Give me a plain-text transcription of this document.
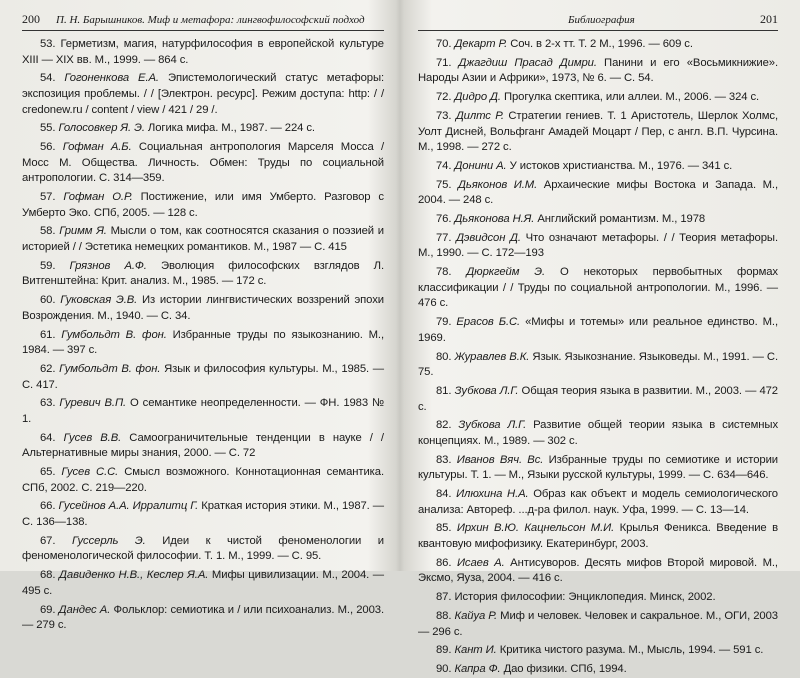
200 П. Н. Барышников. Миф и метафора: лингвофилософский подход

53. Герметизм, магия, натурфилософия в европейской культуре XIII — XIX вв. М., 1999. — 864 с.

54. Гогоненкова Е.А. Эпистемологический статус метафоры: экспозиция проблемы. / / [Электрон. ресурс]. Режим доступа: http: / / credonew.ru / content / view / 421 / 29 /.

55. Голосовкер Я. Э. Логика мифа. М., 1987. — 224 с.

56. Гофман А.Б. Социальная антропология Марселя Мосса / Мосс М. Общества. Личность. Обмен: Труды по социальной антропологии. С. 314—359.

57. Гофман О.Р. Постижение, или имя Умберто. Разговор с Умберто Эко. СПб, 2005. — 128 с.

58. Гримм Я. Мысли о том, как соотносятся сказания о поэзией и историей / / Эстетика немецких романтиков. М., 1987 — С. 415

59. Грязнов А.Ф. Эволюция философских взглядов Л. Витгенштейна: Крит. анализ. М., 1985. — 172 с.

60. Гуковская Э.В. Из истории лингвистических воззрений эпохи Возрождения. М., 1940. — С. 34.

61. Гумбольдт В. фон. Избранные труды по языкознанию. М., 1984. — 397 с.

62. Гумбольдт В. фон. Язык и философия культуры. М., 1985. — С. 417.

63. Гуревич В.П. О семантике неопределенности. — ФН. 1983 № 1.

64. Гусев В.В. Самоограничительные тенденции в науке / / Альтернативные миры знания, 2000. — С. 72

65. Гусев С.С. Смысл возможного. Коннотационная семантика. СПб, 2002. С. 219—220.

66. Гусейнов А.А. Ирралитц Г. Краткая история этики. М., 1987. — С. 136—138.

67. Гуссерль Э. Идеи к чистой феноменологии и феноменологической философии. Т. 1. М., 1999. — С. 95.

68. Давиденко Н.В., Кеслер Я.А. Мифы цивилизации. М., 2004. — 495 с.

69. Дандес А. Фольклор: семиотика и / или психоанализ. М., 2003. — 279 с.

Библиография	201

70. Декарт Р. Соч. в 2-х тт. Т. 2 М., 1996. — 609 с.

71. Джагдиш Прасад Димри. Панини и его «Восьмикнижие». Народы Азии и Африки», 1973, № 6. — С. 54.

72. Дидро Д. Прогулка скептика, или аллеи. М., 2006. — 324 с.

73. Дилтс Р. Стратегии гениев. Т. 1 Аристотель, Шерлок Холмс, Уолт Дисней, Вольфганг Амадей Моцарт / Пер, с англ. В.П. Чурсина. М., 1998. — 272 с.

74. Донини А. У истоков христианства. М., 1976. — 341 с.

75. Дьяконов И.М. Архаические мифы Востока и Запада. М., 2004. — 248 с.

76. Дьяконова Н.Я. Английский романтизм. М., 1978

77. Дэвидсон Д. Что означают метафоры. / / Теория метафоры. М., 1990. — С. 172—193

78. Дюркгейм Э. О некоторых первобытных формах классификации / / Труды по социальной антропологии. М., 1996. — 476 с.

79. Ерасов Б.С. «Мифы и тотемы» или реальное единство. М., 1969.

80. Журавлев В.К. Язык. Языкознание. Языковеды. М., 1991. — С. 75.

81. Зубкова Л.Г. Общая теория языка в развитии. М., 2003. — 472 с.

82. Зубкова Л.Г. Развитие общей теории языка в системных концепциях. М., 1989. — 302 с.

83. Иванов Вяч. Вс. Избранные труды по семиотике и истории культуры. Т. 1. — М., Языки русской культуры, 1999. — С. 634—646.

84. Илюхина Н.А. Образ как объект и модель семиологического анализа: Автореф. ...д-ра филол. наук. Уфа, 1999. — С. 13—14.

85. Ирхин В.Ю. Кацнельсон М.И. Крылья Феникса. Введение в квантовую мифофизику. Екатеринбург, 2003.

86. Исаев А. Антисуворов. Десять мифов Второй мировой. М., Эксмо, Яуза, 2004. — 416 с.

87. История философии: Энциклопедия. Минск, 2002.

88. Кайуа Р. Миф и человек. Человек и сакральное. М., ОГИ, 2003 — 296 с.

89. Кант И. Критика чистого разума. М., Мысль, 1994. — 591 с.

90. Капра Ф. Дао физики. СПб, 1994.
